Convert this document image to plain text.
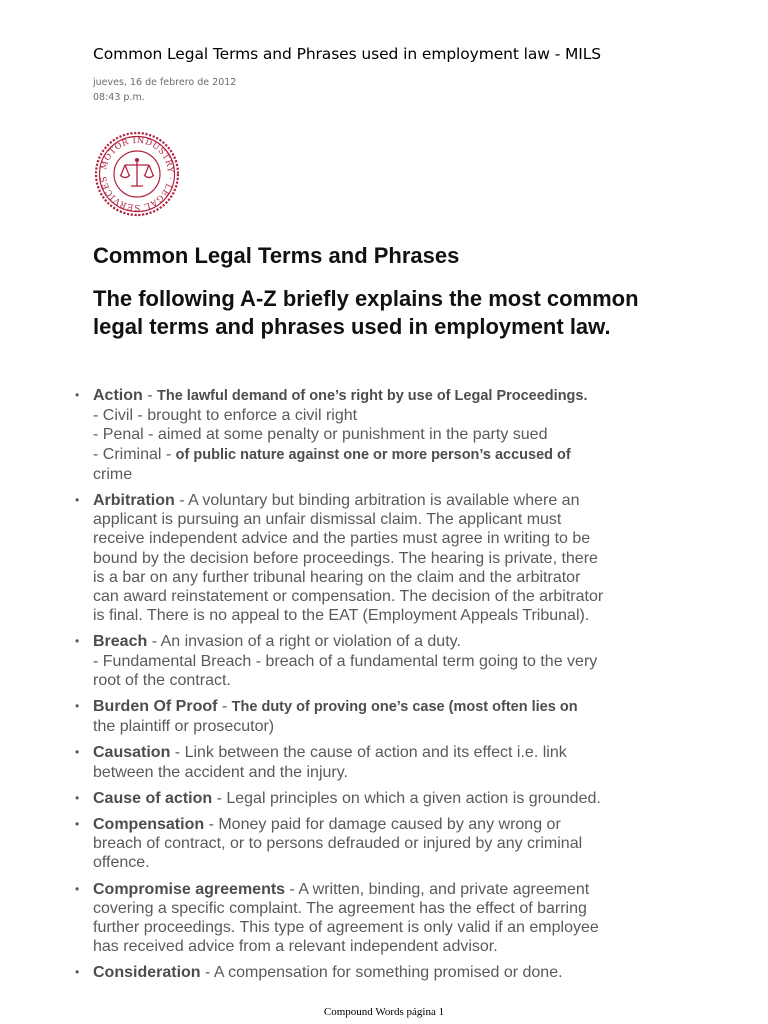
Common Legal Terms and Phrases used in employment law - MILS
jueves, 16 de febrero de 2012
08:43 p.m.
MOTOR INDUSTRY · LEGAL SERVICES
Common Legal Terms and Phrases
The following A-Z briefly explains the most common legal terms and phrases used in employment law.
• Action - The lawful demand of one’s right by use of Legal Proceedings.
- Civil - brought to enforce a civil right
- Penal - aimed at some penalty or punishment in the party sued
- Criminal - of public nature against one or more person’s accused of
crime
• Arbitration - A voluntary but binding arbitration is available where an
applicant is pursuing an unfair dismissal claim. The applicant must
receive independent advice and the parties must agree in writing to be
bound by the decision before proceedings. The hearing is private, there
is a bar on any further tribunal hearing on the claim and the arbitrator
can award reinstatement or compensation. The decision of the arbitrator
is final. There is no appeal to the EAT (Employment Appeals Tribunal).
• Breach - An invasion of a right or violation of a duty.
- Fundamental Breach - breach of a fundamental term going to the very
root of the contract.
• Burden Of Proof - The duty of proving one’s case (most often lies on
the plaintiff or prosecutor)
• Causation - Link between the cause of action and its effect i.e. link
between the accident and the injury.
• Cause of action - Legal principles on which a given action is grounded.
• Compensation - Money paid for damage caused by any wrong or
breach of contract, or to persons defrauded or injured by any criminal
offence.
• Compromise agreements - A written, binding, and private agreement
covering a specific complaint. The agreement has the effect of barring
further proceedings. This type of agreement is only valid if an employee
has received advice from a relevant independent advisor.
• Consideration - A compensation for something promised or done.
Compound Words página 1
